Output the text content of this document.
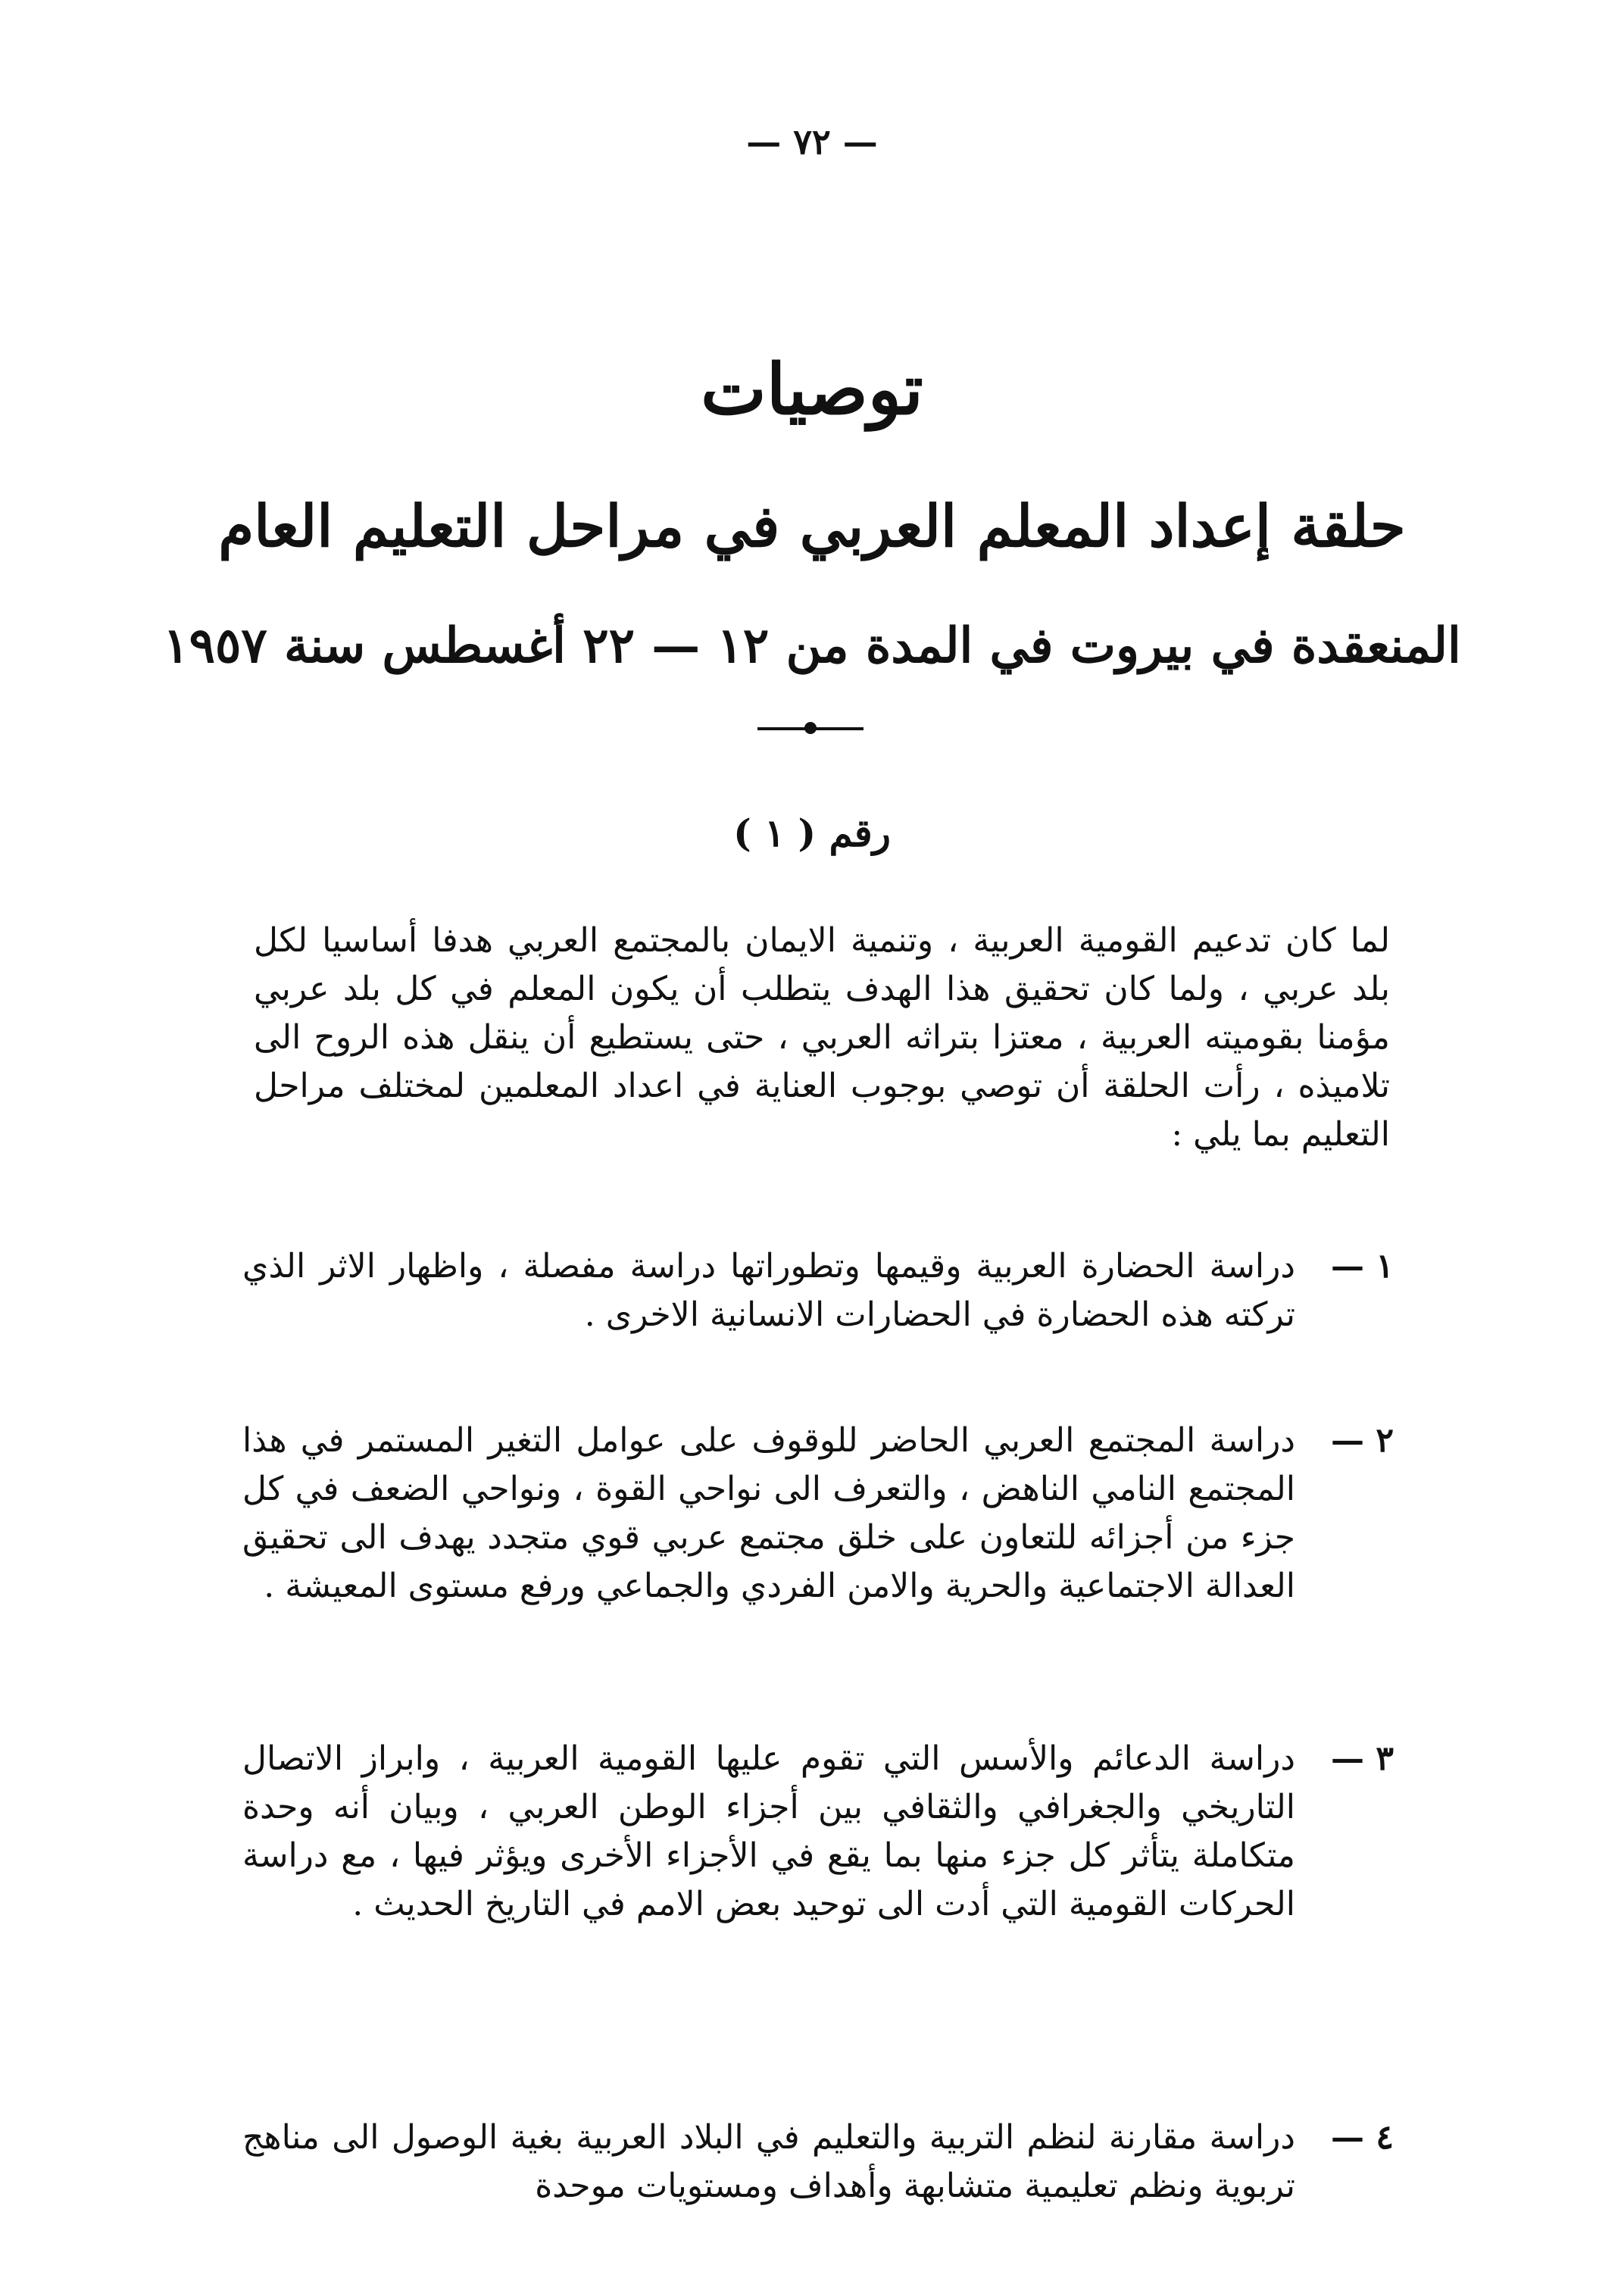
— ٧٢ —
توصيات
حلقة إعداد المعلم العربي في مراحل التعليم العام
المنعقدة في بيروت في المدة من ١٢ — ٢٢ أغسطس سنة ١٩٥٧
رقم ( ١ )

لما كان تدعيم القومية العربية ، وتنمية الايمان بالمجتمع العربي هدفا أساسيا لكل بلد عربي ، ولما كان تحقيق هذا الهدف يتطلب أن يكون المعلم في كل بلد عربي مؤمنا بقوميته العربية ، معتزا بتراثه العربي ، حتى يستطيع أن ينقل هذه الروح الى تلاميذه ، رأت الحلقة أن توصي بوجوب العناية في اعداد المعلمين لمختلف مراحل التعليم بما يلي :

١ —
دراسة الحضارة العربية وقيمها وتطوراتها دراسة مفصلة ، واظهار الاثر الذي تركته هذه الحضارة في الحضارات الانسانية الاخرى .
٢ —
دراسة المجتمع العربي الحاضر للوقوف على عوامل التغير المستمر في هذا المجتمع النامي الناهض ، والتعرف الى نواحي القوة ، ونواحي الضعف في كل جزء من أجزائه للتعاون على خلق مجتمع عربي قوي متجدد يهدف الى تحقيق العدالة الاجتماعية والحرية والامن الفردي والجماعي ورفع مستوى المعيشة .
٣ —
دراسة الدعائم والأسس التي تقوم عليها القومية العربية ، وابراز الاتصال التاريخي والجغرافي والثقافي بين أجزاء الوطن العربي ، وبيان أنه وحدة متكاملة يتأثر كل جزء منها بما يقع في الأجزاء الأخرى ويؤثر فيها ، مع دراسة الحركات القومية التي أدت الى توحيد بعض الامم في التاريخ الحديث .
٤ —
دراسة مقارنة لنظم التربية والتعليم في البلاد العربية بغية الوصول الى مناهج تربوية ونظم تعليمية متشابهة وأهداف ومستويات موحدة
